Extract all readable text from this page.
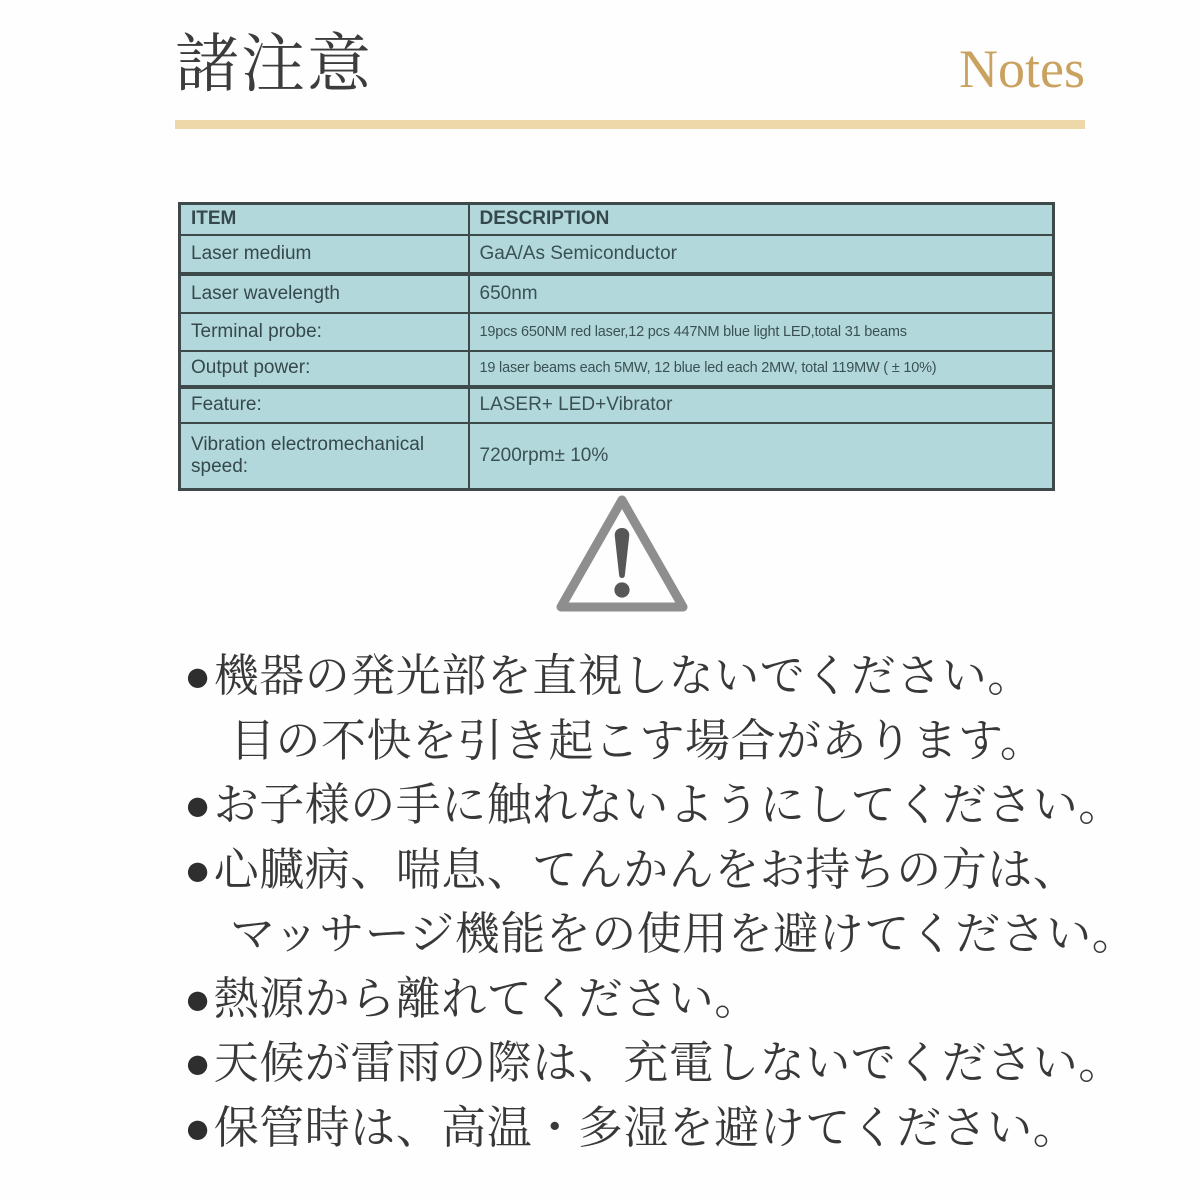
諸注意	Notes
ITEM	DESCRIPTION
Laser medium	GaA/As Semiconductor
Laser wavelength	650nm
Terminal probe:	19pcs 650NM red laser,12 pcs 447NM blue light LED,total 31 beams
Output power:	19 laser beams each 5MW, 12 blue led each 2MW, total 119MW ( ± 10%)
Feature:	LASER+ LED+Vibrator
Vibration electromechanical speed:	7200rpm± 10%
●機器の発光部を直視しないでください。
目の不快を引き起こす場合があります。
●お子様の手に触れないようにしてください。
●心臓病、喘息、てんかんをお持ちの方は、
マッサージ機能をの使用を避けてください。
●熱源から離れてください。
●天候が雷雨の際は、充電しないでください。
●保管時は、高温・多湿を避けてください。
